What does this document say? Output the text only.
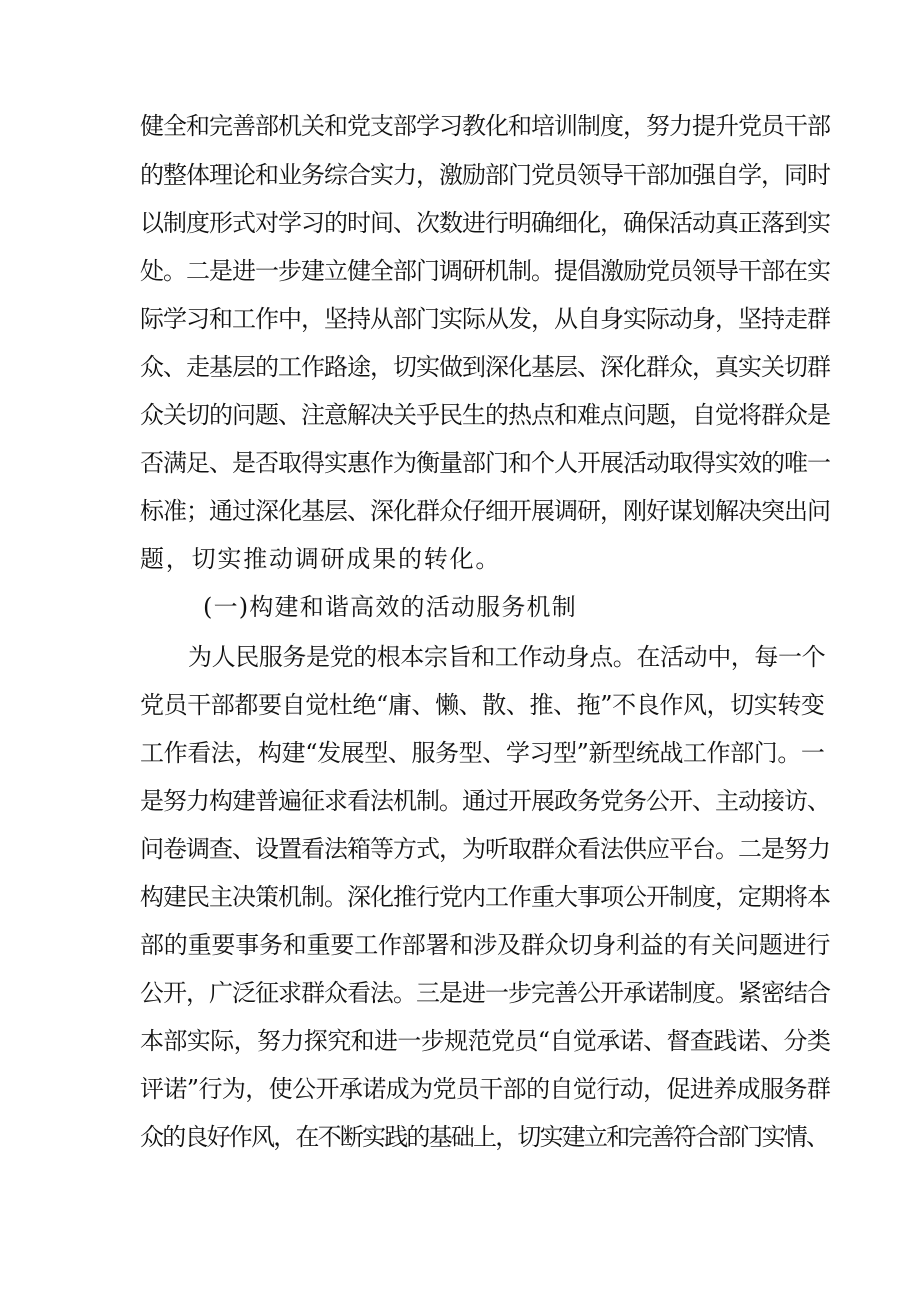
健全和完善部机关和党支部学习教化和培训制度，努力提升党员干部
的整体理论和业务综合实力，激励部门党员领导干部加强自学，同时
以制度形式对学习的时间、次数进行明确细化，确保活动真正落到实
处。二是进一步建立健全部门调研机制。提倡激励党员领导干部在实
际学习和工作中，坚持从部门实际从发，从自身实际动身，坚持走群
众、走基层的工作路途，切实做到深化基层、深化群众，真实关切群
众关切的问题、注意解决关乎民生的热点和难点问题，自觉将群众是
否满足、是否取得实惠作为衡量部门和个人开展活动取得实效的唯一
标准；通过深化基层、深化群众仔细开展调研，刚好谋划解决突出问
题，切实推动调研成果的转化。
(一)构建和谐高效的活动服务机制
为人民服务是党的根本宗旨和工作动身点。在活动中，每一个
党员干部都要自觉杜绝“庸、懒、散、推、拖”不良作风，切实转变
工作看法，构建“发展型、服务型、学习型”新型统战工作部门。一
是努力构建普遍征求看法机制。通过开展政务党务公开、主动接访、
问卷调查、设置看法箱等方式，为听取群众看法供应平台。二是努力
构建民主决策机制。深化推行党内工作重大事项公开制度，定期将本
部的重要事务和重要工作部署和涉及群众切身利益的有关问题进行
公开，广泛征求群众看法。三是进一步完善公开承诺制度。紧密结合
本部实际，努力探究和进一步规范党员“自觉承诺、督查践诺、分类
评诺”行为，使公开承诺成为党员干部的自觉行动，促进养成服务群
众的良好作风，在不断实践的基础上，切实建立和完善符合部门实情、
